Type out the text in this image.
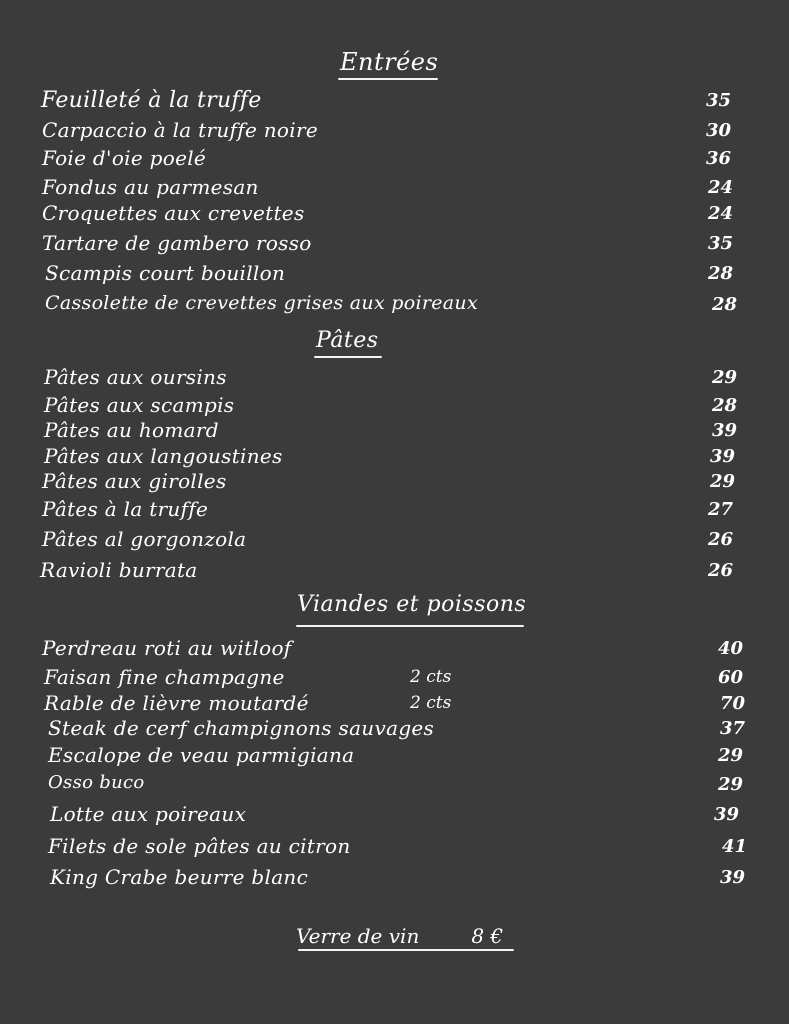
Entrées
Feuilleté à la truffe	35
Carpaccio à la truffe noire	30
Foie d'oie poelé	36
Fondus au parmesan	24
Croquettes aux crevettes	24
Tartare de gambero rosso	35
Scampis court bouillon	28
Cassolette de crevettes grises aux poireaux	28
Pâtes
Pâtes aux oursins	29
Pâtes aux scampis	28
Pâtes au homard	39
Pâtes aux langoustines	39
Pâtes aux girolles	29
Pâtes à la truffe	27
Pâtes al gorgonzola	26
Ravioli burrata	26
Viandes et poissons
Perdreau roti au witloof	40
Faisan fine champagne	2 cts	60
Rable de lièvre moutardé	2 cts	70
Steak de cerf champignons sauvages	37
Escalope de veau parmigiana	29
Osso buco	29
Lotte aux poireaux	39
Filets de sole pâtes au citron	41
King Crabe beurre blanc	39
Verre de vin	8 €
